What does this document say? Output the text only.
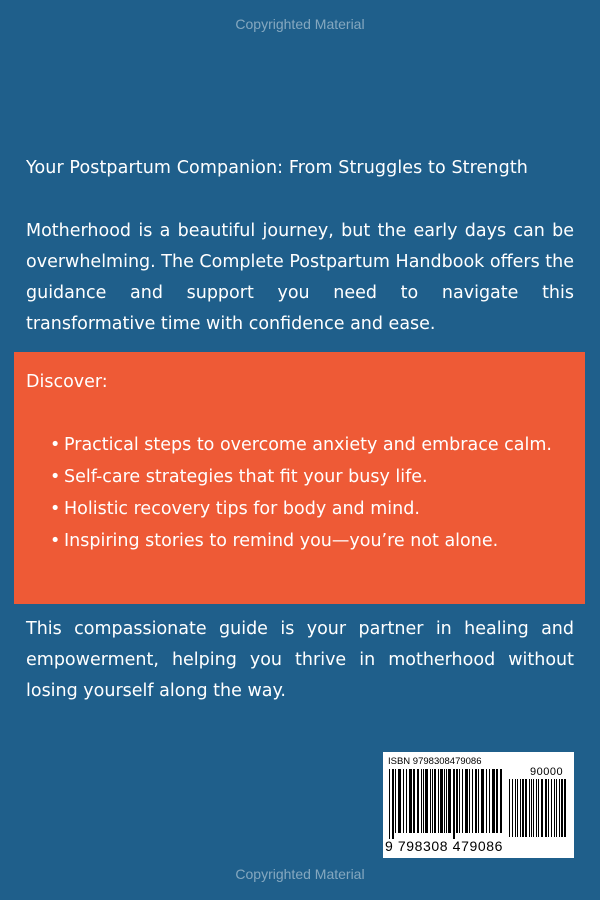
Copyrighted Material
Your Postpartum Companion: From Struggles to Strength
Motherhood is a beautiful journey, but the early days can be overwhelming. The Complete Postpartum Handbook offers the guidance and support you need to navigate this transformative time with confidence and ease.
Discover:
• Practical steps to overcome anxiety and embrace calm.
• Self-care strategies that fit your busy life.
• Holistic recovery tips for body and mind.
• Inspiring stories to remind you—you’re not alone.
This compassionate guide is your partner in healing and empowerment, helping you thrive in motherhood without losing yourself along the way.
ISBN 9798308479086
90000
9 798308 479086
Copyrighted Material
